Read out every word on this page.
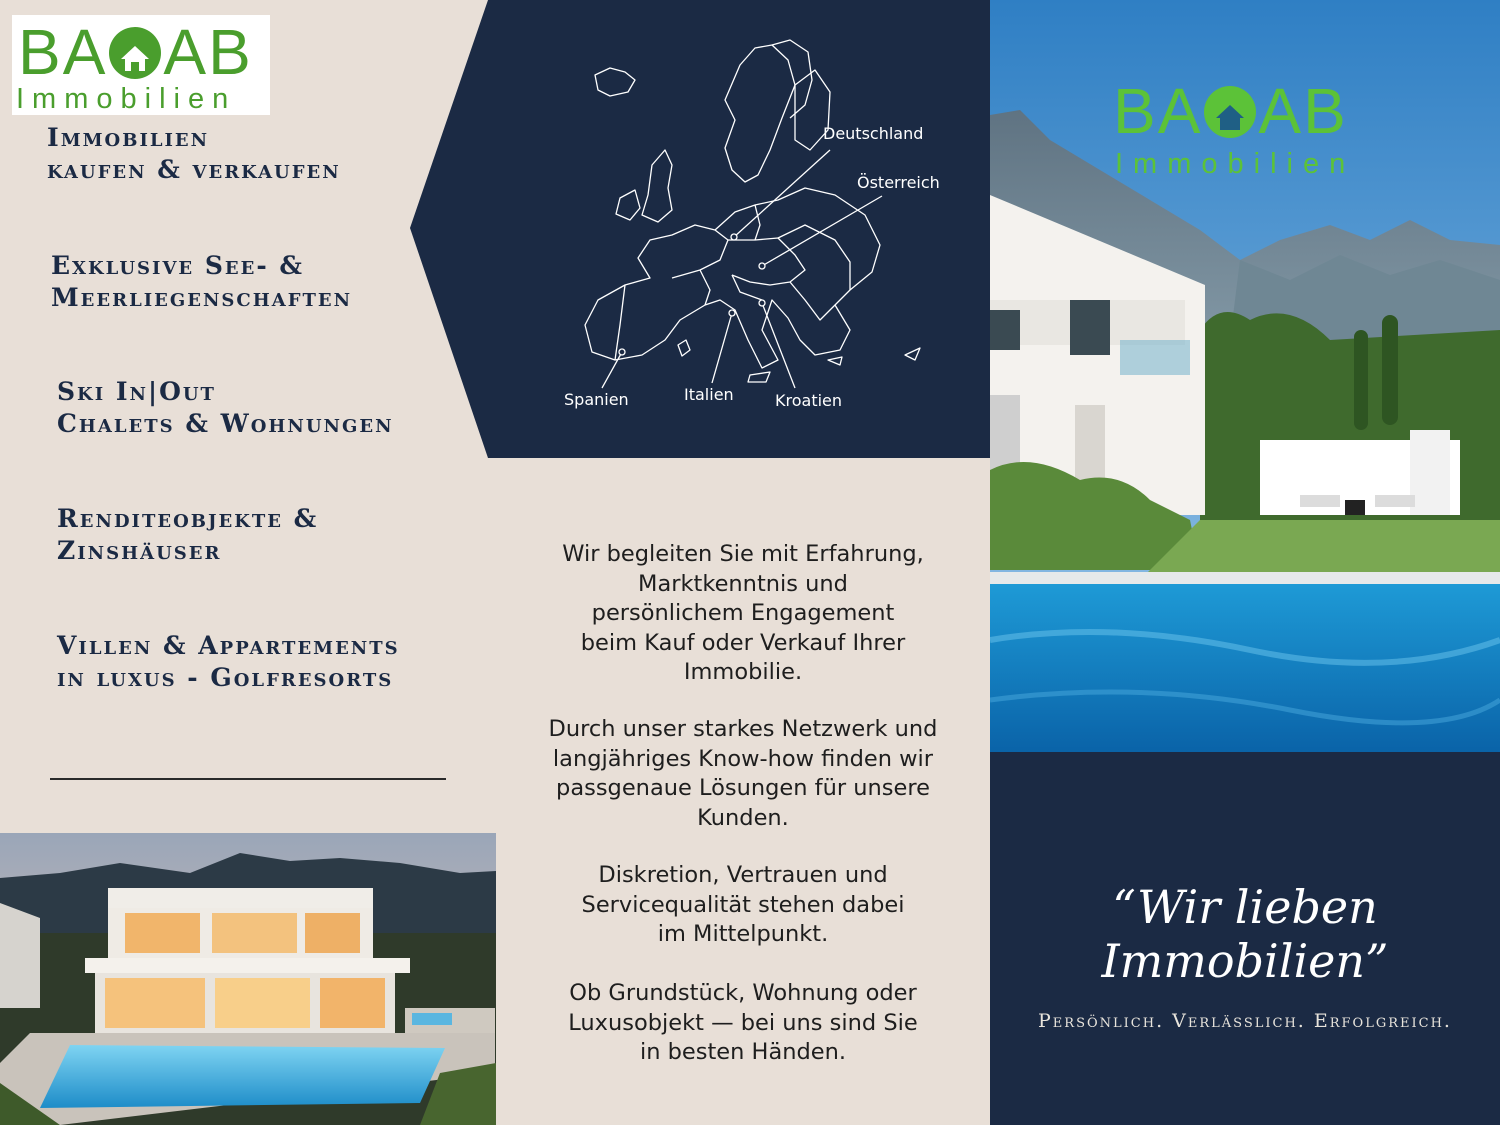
BA AB
Immobilien
Immobilien
kaufen & verkaufen
Exklusive See- &
Meerliegenschaften
Ski In|Out
Chalets & Wohnungen
Renditeobjekte &
Zinshäuser
Villen & Appartements
in luxus - Golfresorts
Deutschland
Österreich
Spanien	Italien	Kroatien
Wir begleiten Sie mit Erfahrung,
Marktkenntnis und
persönlichem Engagement
beim Kauf oder Verkauf Ihrer
Immobilie.
Durch unser starkes Netzwerk und
langjähriges Know-how finden wir
passgenaue Lösungen für unsere
Kunden.
Diskretion, Vertrauen und
Servicequalität stehen dabei
im Mittelpunkt.
Ob Grundstück, Wohnung oder
Luxusobjekt — bei uns sind Sie
in besten Händen.
BA AB
Immobilien
“Wir lieben Immobilien”
Persönlich. Verlässlich. Erfolgreich.
